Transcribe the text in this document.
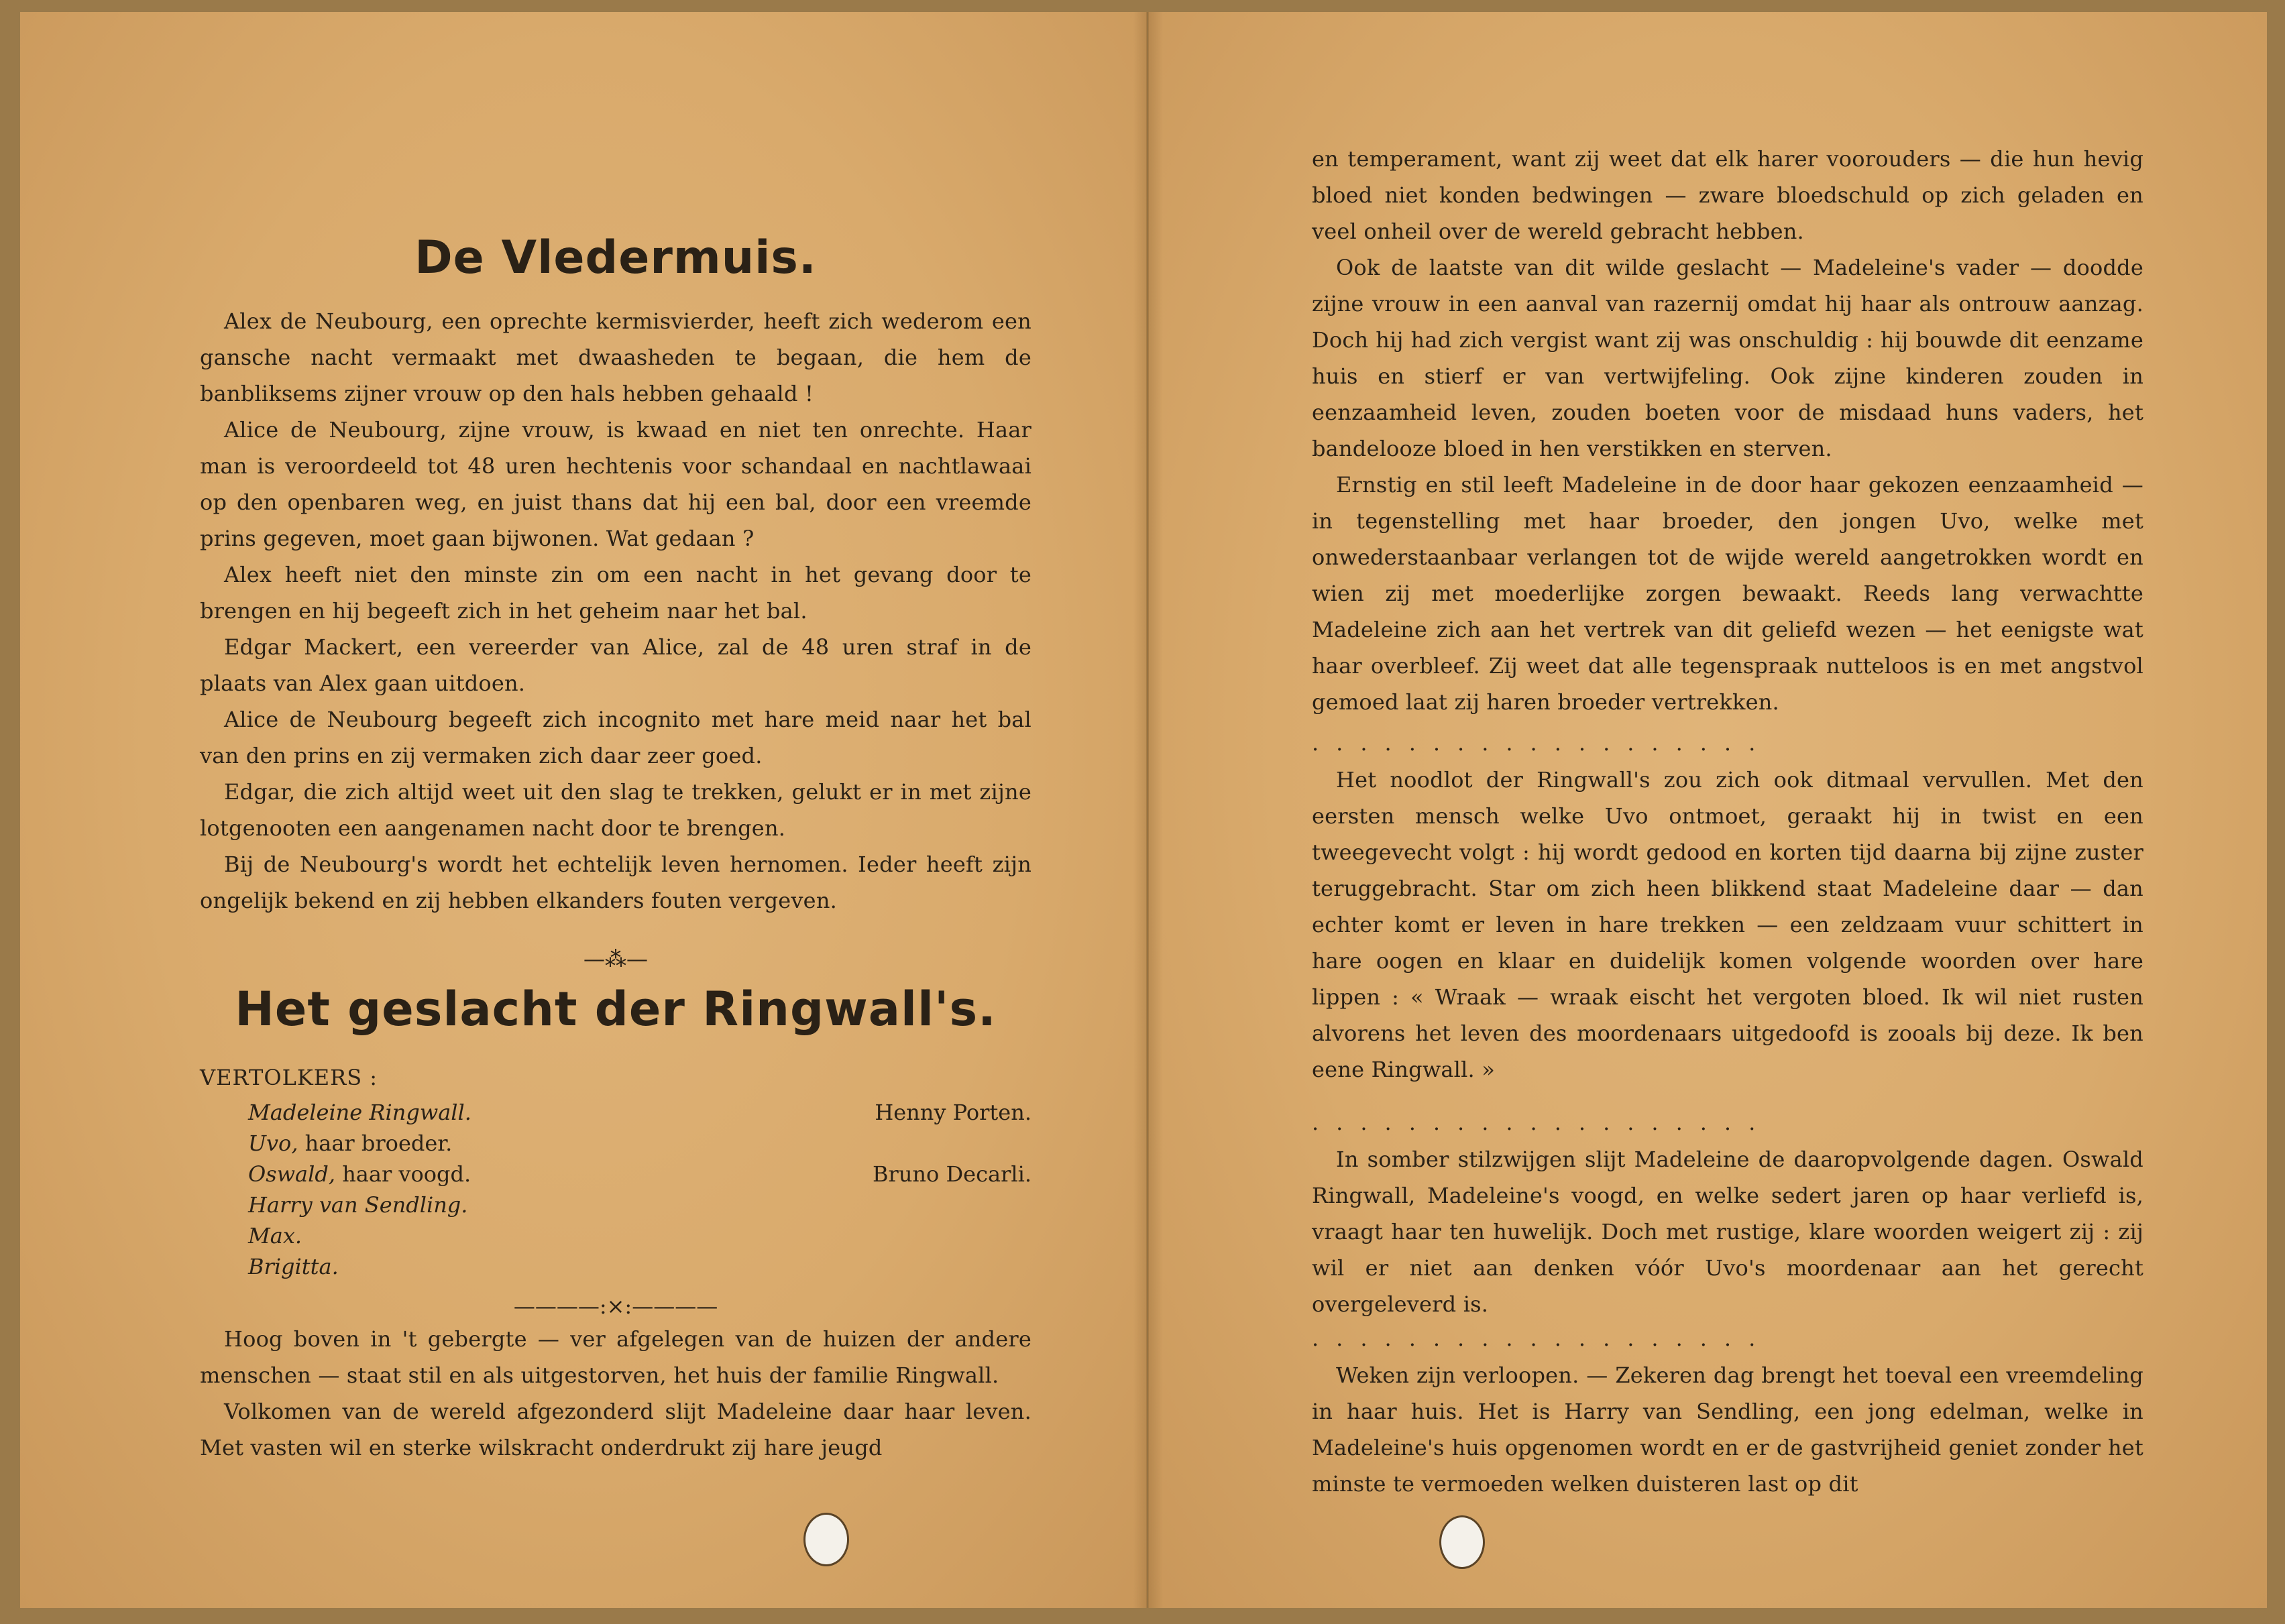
De Vledermuis.

Alex de Neubourg, een oprechte kermisvierder, heeft zich wederom een gansche nacht vermaakt met dwaasheden te begaan, die hem de banbliksems zijner vrouw op den hals hebben gehaald !

Alice de Neubourg, zijne vrouw, is kwaad en niet ten onrechte. Haar man is veroordeeld tot 48 uren hechtenis voor schandaal en nachtlawaai op den openbaren weg, en juist thans dat hij een bal, door een vreemde prins gegeven, moet gaan bijwonen. Wat gedaan ?

Alex heeft niet den minste zin om een nacht in het gevang door te brengen en hij begeeft zich in het geheim naar het bal.

Edgar Mackert, een vereerder van Alice, zal de 48 uren straf in de plaats van Alex gaan uitdoen.

Alice de Neubourg begeeft zich incognito met hare meid naar het bal van den prins en zij vermaken zich daar zeer goed.

Edgar, die zich altijd weet uit den slag te trekken, gelukt er in met zijne lotgenooten een aangenamen nacht door te brengen.

Bij de Neubourg's wordt het echtelijk leven hernomen. Ieder heeft zijn ongelijk bekend en zij hebben elkanders fouten vergeven.

—⁂—
Het geslacht der Ringwall's.
VERTOLKERS :
Madeleine Ringwall.	Henny Porten.
Uvo, haar broeder.
Oswald, haar voogd.	Bruno Decarli.
Harry van Sendling.
Max.
Brigitta.
————:×:————

Hoog boven in 't gebergte — ver afgelegen van de huizen der andere menschen — staat stil en als uitgestorven, het huis der familie Ringwall.

Volkomen van de wereld afgezonderd slijt Madeleine daar haar leven. Met vasten wil en sterke wilskracht onderdrukt zij hare jeugd

en temperament, want zij weet dat elk harer voorouders — die hun hevig bloed niet konden bedwingen — zware bloedschuld op zich geladen en veel onheil over de wereld gebracht hebben.

Ook de laatste van dit wilde geslacht — Madeleine's vader — doodde zijne vrouw in een aanval van razernij omdat hij haar als ontrouw aanzag. Doch hij had zich vergist want zij was onschuldig : hij bouwde dit eenzame huis en stierf er van vertwijfeling. Ook zijne kinderen zouden in eenzaamheid leven, zouden boeten voor de misdaad huns vaders, het bandelooze bloed in hen verstikken en sterven.

Ernstig en stil leeft Madeleine in de door haar gekozen eenzaamheid — in tegenstelling met haar broeder, den jongen Uvo, welke met onwederstaanbaar verlangen tot de wijde wereld aangetrokken wordt en wien zij met moederlijke zorgen bewaakt. Reeds lang verwachtte Madeleine zich aan het vertrek van dit geliefd wezen — het eenigste wat haar overbleef. Zij weet dat alle tegenspraak nutteloos is en met angstvol gemoed laat zij haren broeder vertrekken.

...................

Het noodlot der Ringwall's zou zich ook ditmaal vervullen. Met den eersten mensch welke Uvo ontmoet, geraakt hij in twist en een tweegevecht volgt : hij wordt gedood en korten tijd daarna bij zijne zuster teruggebracht. Star om zich heen blikkend staat Madeleine daar — dan echter komt er leven in hare trekken — een zeldzaam vuur schittert in hare oogen en klaar en duidelijk komen volgende woorden over hare lippen : « Wraak — wraak eischt het vergoten bloed. Ik wil niet rusten alvorens het leven des moordenaars uitgedoofd is zooals bij deze. Ik ben eene Ringwall. »

...................

In somber stilzwijgen slijt Madeleine de daaropvolgende dagen. Oswald Ringwall, Madeleine's voogd, en welke sedert jaren op haar verliefd is, vraagt haar ten huwelijk. Doch met rustige, klare woorden weigert zij : zij wil er niet aan denken vóór Uvo's moordenaar aan het gerecht overgeleverd is.

...................

Weken zijn verloopen. — Zekeren dag brengt het toeval een vreemdeling in haar huis. Het is Harry van Sendling, een jong edelman, welke in Madeleine's huis opgenomen wordt en er de gastvrijheid geniet zonder het minste te vermoeden welken duisteren last op dit
